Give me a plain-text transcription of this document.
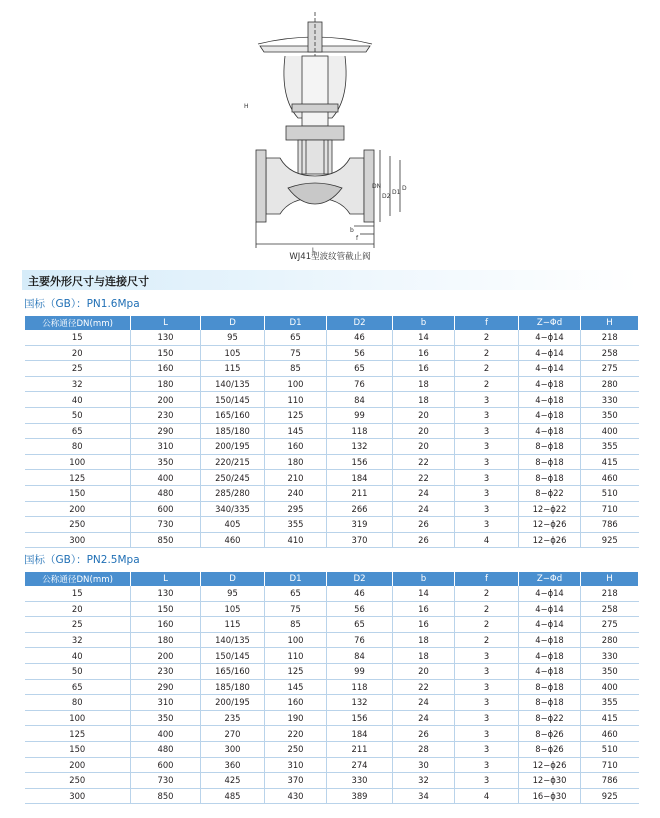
L
D
D1
D2
DN
b
f
H
WJ41型波纹管截止阀
主要外形尺寸与连接尺寸
国标（GB）：PN1.6Mpa
公称通径DN(mm)	L	D	D1	D2	b	f	Z−Φd	H
15	130	95	65	46	14	2	4−ϕ14	218
20	150	105	75	56	16	2	4−ϕ14	258
25	160	115	85	65	16	2	4−ϕ14	275
32	180	140/135	100	76	18	2	4−ϕ18	280
40	200	150/145	110	84	18	3	4−ϕ18	330
50	230	165/160	125	99	20	3	4−ϕ18	350
65	290	185/180	145	118	20	3	4−ϕ18	400
80	310	200/195	160	132	20	3	8−ϕ18	355
100	350	220/215	180	156	22	3	8−ϕ18	415
125	400	250/245	210	184	22	3	8−ϕ18	460
150	480	285/280	240	211	24	3	8−ϕ22	510
200	600	340/335	295	266	24	3	12−ϕ22	710
250	730	405	355	319	26	3	12−ϕ26	786
300	850	460	410	370	26	4	12−ϕ26	925
国标（GB）：PN2.5Mpa
公称通径DN(mm)	L	D	D1	D2	b	f	Z−Φd	H
15	130	95	65	46	14	2	4−ϕ14	218
20	150	105	75	56	16	2	4−ϕ14	258
25	160	115	85	65	16	2	4−ϕ14	275
32	180	140/135	100	76	18	2	4−ϕ18	280
40	200	150/145	110	84	18	3	4−ϕ18	330
50	230	165/160	125	99	20	3	4−ϕ18	350
65	290	185/180	145	118	22	3	8−ϕ18	400
80	310	200/195	160	132	24	3	8−ϕ18	355
100	350	235	190	156	24	3	8−ϕ22	415
125	400	270	220	184	26	3	8−ϕ26	460
150	480	300	250	211	28	3	8−ϕ26	510
200	600	360	310	274	30	3	12−ϕ26	710
250	730	425	370	330	32	3	12−ϕ30	786
300	850	485	430	389	34	4	16−ϕ30	925
